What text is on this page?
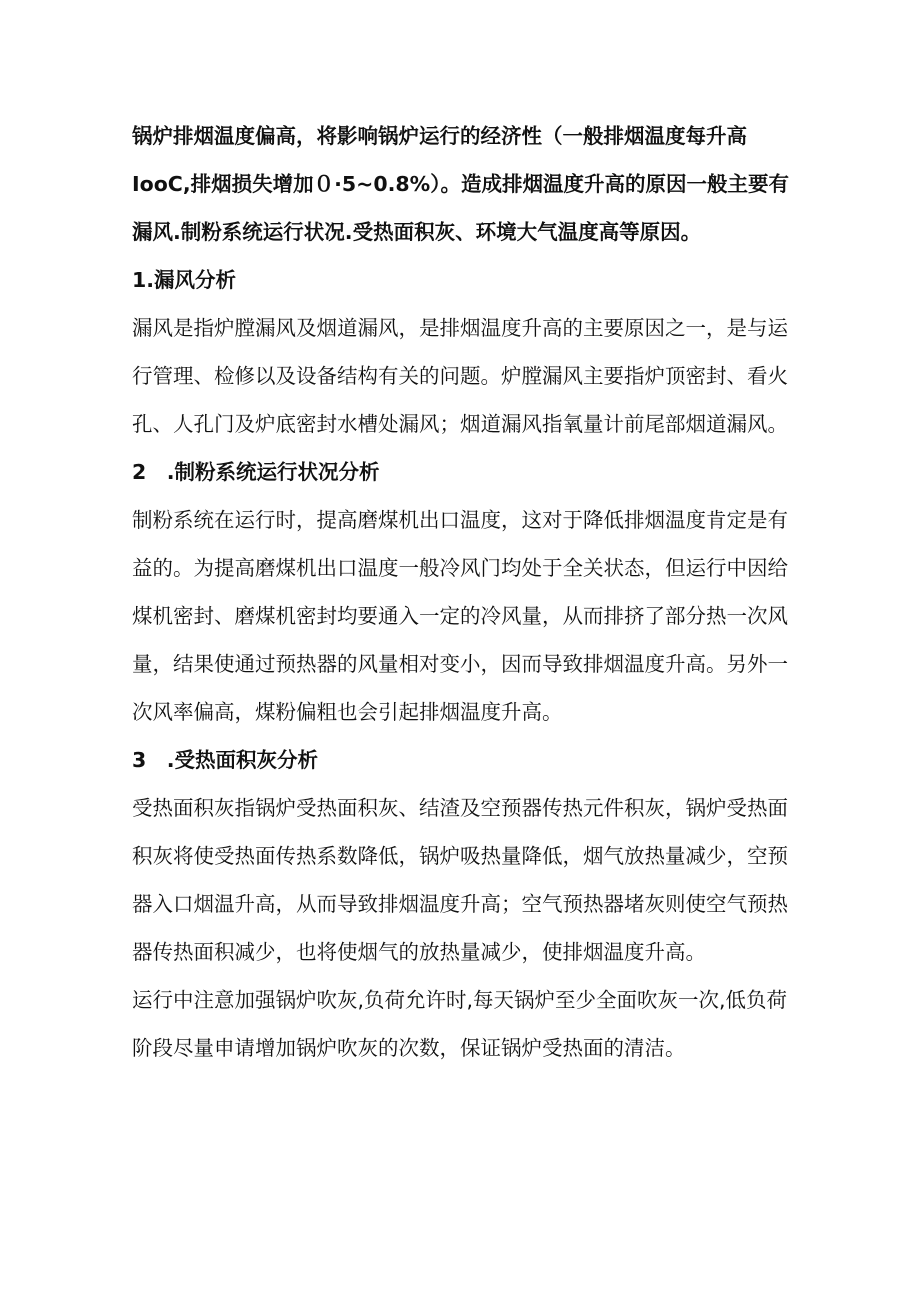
锅炉排烟温度偏高，将影响锅炉运行的经济性（一般排烟温度每升高
IooC,排烟损失增加０·5~0.8%）。造成排烟温度升高的原因一般主要有
漏风.制粉系统运行状况.受热面积灰、环境大气温度高等原因。
1.漏风分析
漏风是指炉膛漏风及烟道漏风，是排烟温度升高的主要原因之一，是与运
行管理、检修以及设备结构有关的问题。炉膛漏风主要指炉顶密封、看火
孔、人孔门及炉底密封水槽处漏风；烟道漏风指氧量计前尾部烟道漏风。
2　.制粉系统运行状况分析
制粉系统在运行时，提高磨煤机出口温度，这对于降低排烟温度肯定是有
益的。为提高磨煤机出口温度一般冷风门均处于全关状态，但运行中因给
煤机密封、磨煤机密封均要通入一定的冷风量，从而排挤了部分热一次风
量，结果使通过预热器的风量相对变小，因而导致排烟温度升高。另外一
次风率偏高，煤粉偏粗也会引起排烟温度升高。
3　.受热面积灰分析
受热面积灰指锅炉受热面积灰、结渣及空预器传热元件积灰，锅炉受热面
积灰将使受热面传热系数降低，锅炉吸热量降低，烟气放热量减少，空预
器入口烟温升高，从而导致排烟温度升高；空气预热器堵灰则使空气预热
器传热面积减少，也将使烟气的放热量减少，使排烟温度升高。
运行中注意加强锅炉吹灰,负荷允许时,每天锅炉至少全面吹灰一次,低负荷
阶段尽量申请增加锅炉吹灰的次数，保证锅炉受热面的清洁。
